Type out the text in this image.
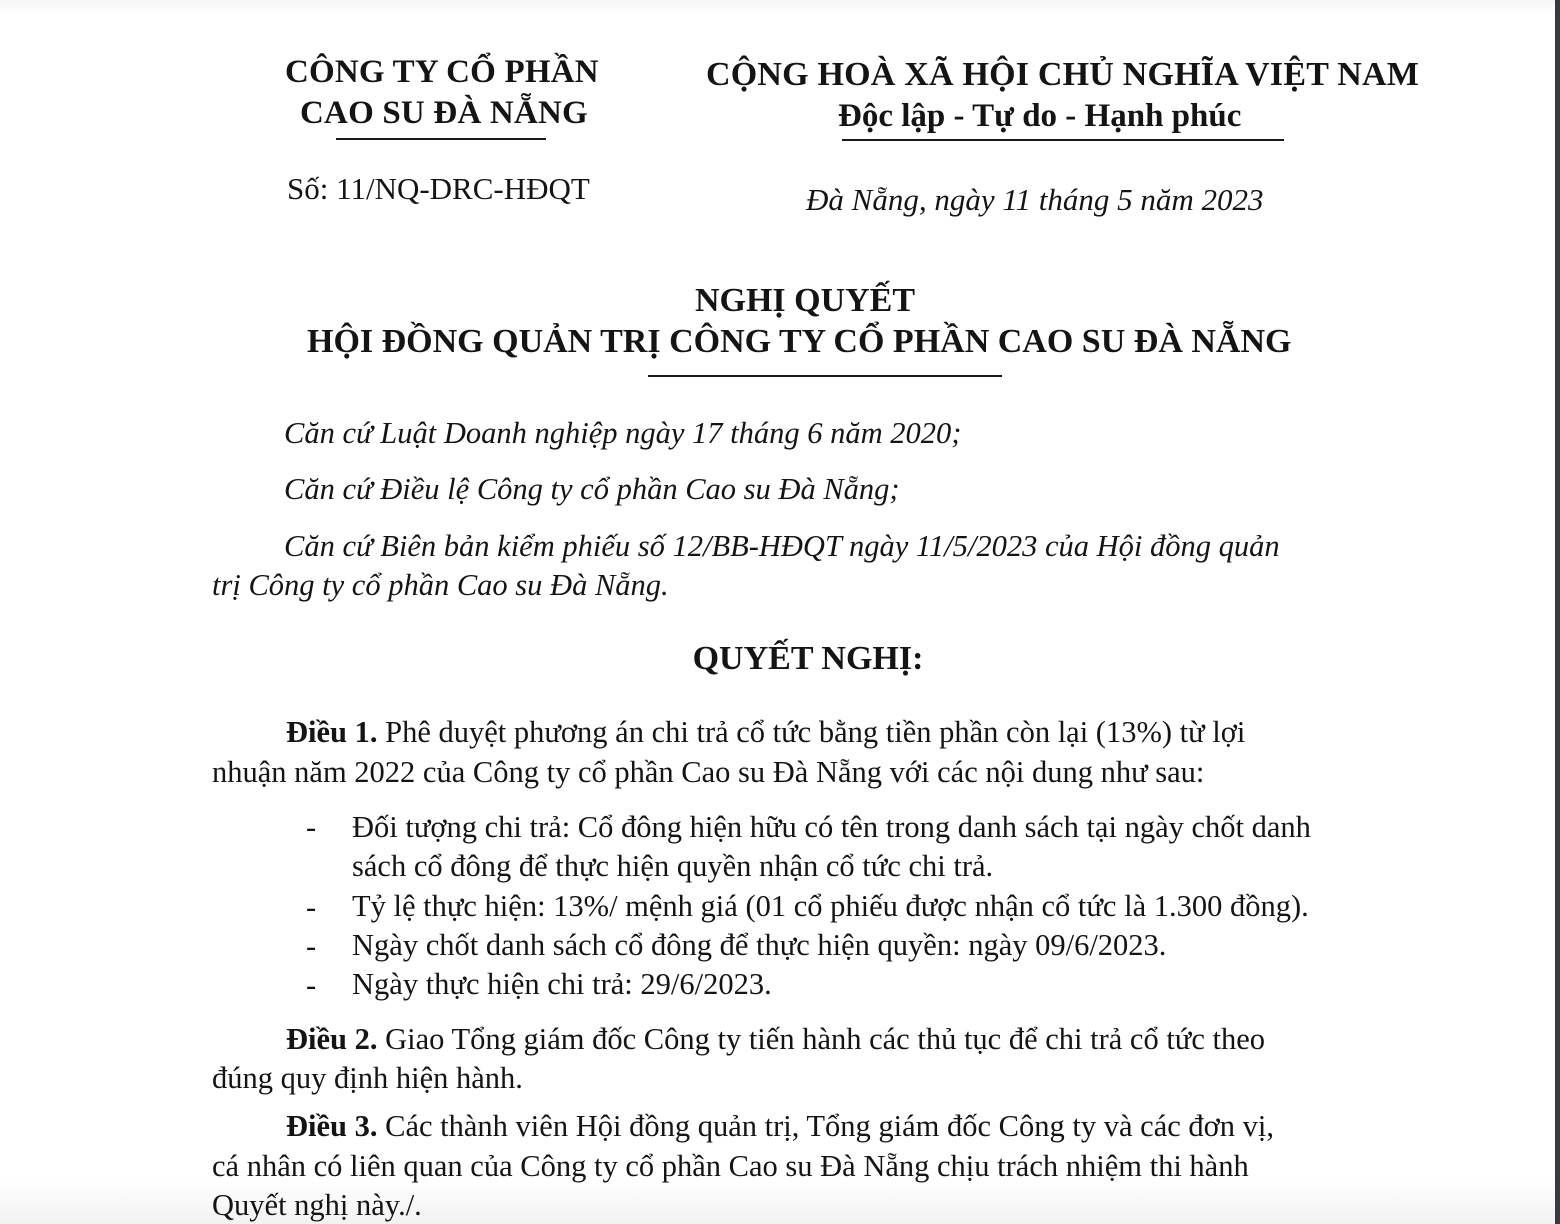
CÔNG TY CỔ PHẦN
CAO SU ĐÀ NẴNG
Số: 11/NQ-DRC-HĐQT
CỘNG HOÀ XÃ HỘI CHỦ NGHĨA VIỆT NAM
Độc lập - Tự do - Hạnh phúc
Đà Nẵng, ngày 11 tháng 5 năm 2023
NGHỊ QUYẾT
HỘI ĐỒNG QUẢN TRỊ CÔNG TY CỔ PHẦN CAO SU ĐÀ NẴNG
Căn cứ Luật Doanh nghiệp ngày 17 tháng 6 năm 2020;
Căn cứ Điều lệ Công ty cổ phần Cao su Đà Nẵng;
Căn cứ Biên bản kiểm phiếu số 12/BB-HĐQT ngày 11/5/2023 của Hội đồng quản
trị Công ty cổ phần Cao su Đà Nẵng.
QUYẾT NGHỊ:
Điều 1. Phê duyệt phương án chi trả cổ tức bằng tiền phần còn lại (13%) từ lợi
nhuận năm 2022 của Công ty cổ phần Cao su Đà Nẵng với các nội dung như sau:
- Đối tượng chi trả: Cổ đông hiện hữu có tên trong danh sách tại ngày chốt danh
sách cổ đông để thực hiện quyền nhận cổ tức chi trả.
- Tỷ lệ thực hiện: 13%/ mệnh giá (01 cổ phiếu được nhận cổ tức là 1.300 đồng).
- Ngày chốt danh sách cổ đông để thực hiện quyền: ngày 09/6/2023.
- Ngày thực hiện chi trả: 29/6/2023.
Điều 2. Giao Tổng giám đốc Công ty tiến hành các thủ tục để chi trả cổ tức theo
đúng quy định hiện hành.
Điều 3. Các thành viên Hội đồng quản trị, Tổng giám đốc Công ty và các đơn vị,
cá nhân có liên quan của Công ty cổ phần Cao su Đà Nẵng chịu trách nhiệm thi hành
Quyết nghị này./.
